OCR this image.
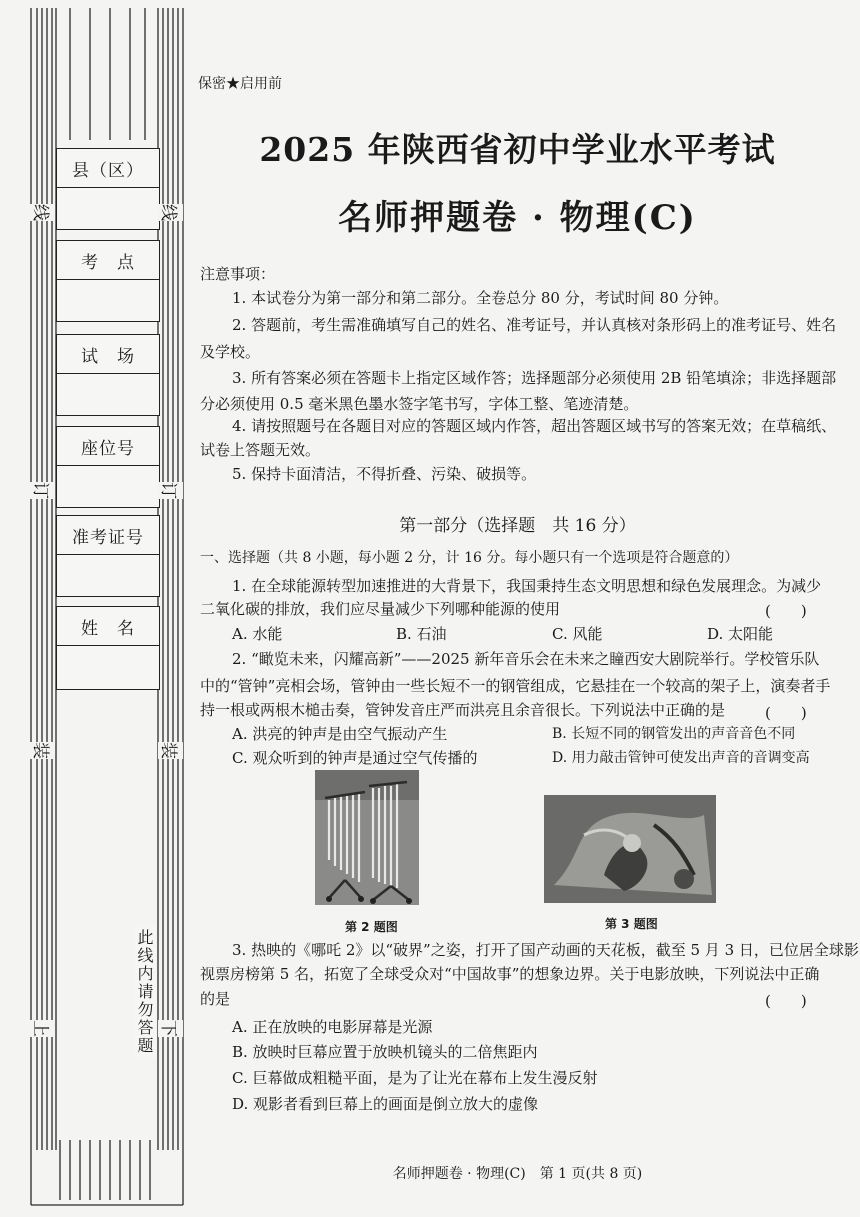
县（区）
考　点
试　场
座位号
准考证号
姓　名
线	线
订	订
装	装
上	下
此线内请勿答题
保密★启用前
2025 年陕西省初中学业水平考试
名师押题卷 · 物理(C)
注意事项：
1. 本试卷分为第一部分和第二部分。全卷总分 80 分，考试时间 80 分钟。
2. 答题前，考生需准确填写自己的姓名、准考证号，并认真核对条形码上的准考证号、姓名
及学校。
3. 所有答案必须在答题卡上指定区域作答；选择题部分必须使用 2B 铅笔填涂；非选择题部
分必须使用 0.5 毫米黑色墨水签字笔书写，字体工整、笔迹清楚。
4. 请按照题号在各题目对应的答题区域内作答，超出答题区域书写的答案无效；在草稿纸、
试卷上答题无效。
5. 保持卡面清洁，不得折叠、污染、破损等。
第一部分（选择题　共 16 分）
一、选择题（共 8 小题，每小题 2 分，计 16 分。每小题只有一个选项是符合题意的）
1. 在全球能源转型加速推进的大背景下，我国秉持生态文明思想和绿色发展理念。为减少
二氧化碳的排放，我们应尽量减少下列哪种能源的使用	(　　)
A. 水能	B. 石油	C. 风能	D. 太阳能
2. “瞰览未来，闪耀高新”——2025 新年音乐会在未来之瞳西安大剧院举行。学校管乐队
中的“管钟”亮相会场，管钟由一些长短不一的钢管组成，它悬挂在一个较高的架子上，演奏者手
持一根或两根木槌击奏，管钟发音庄严而洪亮且余音很长。下列说法中正确的是	(　　)
A. 洪亮的钟声是由空气振动产生	B. 长短不同的钢管发出的声音音色不同
C. 观众听到的钟声是通过空气传播的	D. 用力敲击管钟可使发出声音的音调变高
第 2 题图	第 3 题图
3. 热映的《哪吒 2》以“破界”之姿，打开了国产动画的天花板，截至 5 月 3 日，已位居全球影
视票房榜第 5 名，拓宽了全球受众对“中国故事”的想象边界。关于电影放映，下列说法中正确
的是	(　　)
A. 正在放映的电影屏幕是光源
B. 放映时巨幕应置于放映机镜头的二倍焦距内
C. 巨幕做成粗糙平面，是为了让光在幕布上发生漫反射
D. 观影者看到巨幕上的画面是倒立放大的虚像
名师押题卷 · 物理(C)　第 1 页(共 8 页)
